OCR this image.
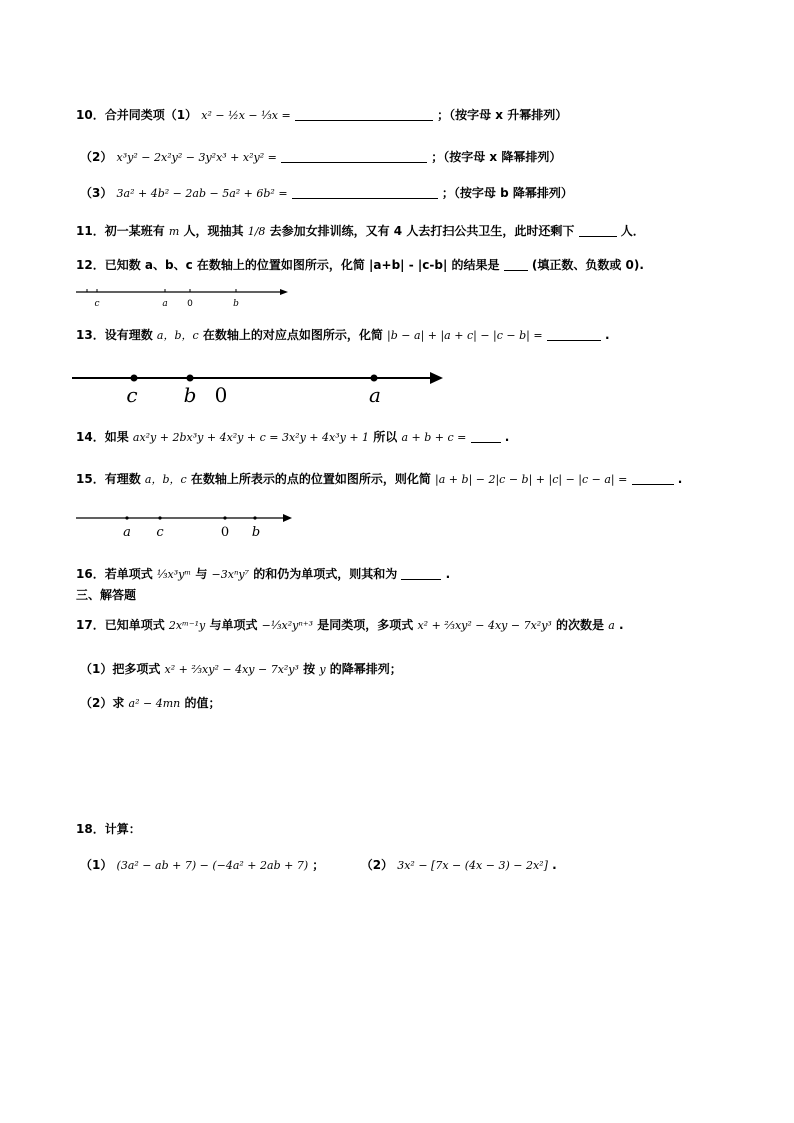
10．合并同类项（1） x² − ½x − ⅓x =	；（按字母 x 升幂排列）
（2） x³y² − 2x²y² − 3y²x³ + x²y² =	；（按字母 x 降幂排列）
（3） 3a² + 4b² − 2ab − 5a² + 6b² =	；（按字母 b 降幂排列）
11．初一某班有 m 人，现抽其 1/8 去参加女排训练，又有 4 人去打扫公共卫生，此时还剩下	人．
12．已知数 a、b、c 在数轴上的位置如图所示，化简 |a+b| - |c-b| 的结果是	(填正数、负数或 0).
c	a 0	b
13．设有理数 a，b，c 在数轴上的对应点如图所示，化简 |b − a| + |a + c| − |c − b| =	.
c b 0	a
14．如果 ax²y + 2bx³y + 4x²y + c = 3x²y + 4x³y + 1 所以 a + b + c =	.
15．有理数 a，b，c 在数轴上所表示的点的位置如图所示，则化简 |a + b| − 2|c − b| + |c| − |c − a| =	.
a c	0 b
16．若单项式 ⅓x³yᵐ 与 −3xⁿy⁷ 的和仍为单项式，则其和为	.
三、解答题
17．已知单项式 2xᵐ⁻¹y 与单项式 −⅓x²yⁿ⁺³ 是同类项，多项式 x² + ⅔xy² − 4xy − 7x²y³ 的次数是 a .
（1）把多项式 x² + ⅔xy² − 4xy − 7x²y³ 按 y 的降幂排列；
（2）求 a² − 4mn 的值；
18．计算：
（1） (3a² − ab + 7) − (−4a² + 2ab + 7) ；	（2） 3x² − [7x − (4x − 3) − 2x²] .
